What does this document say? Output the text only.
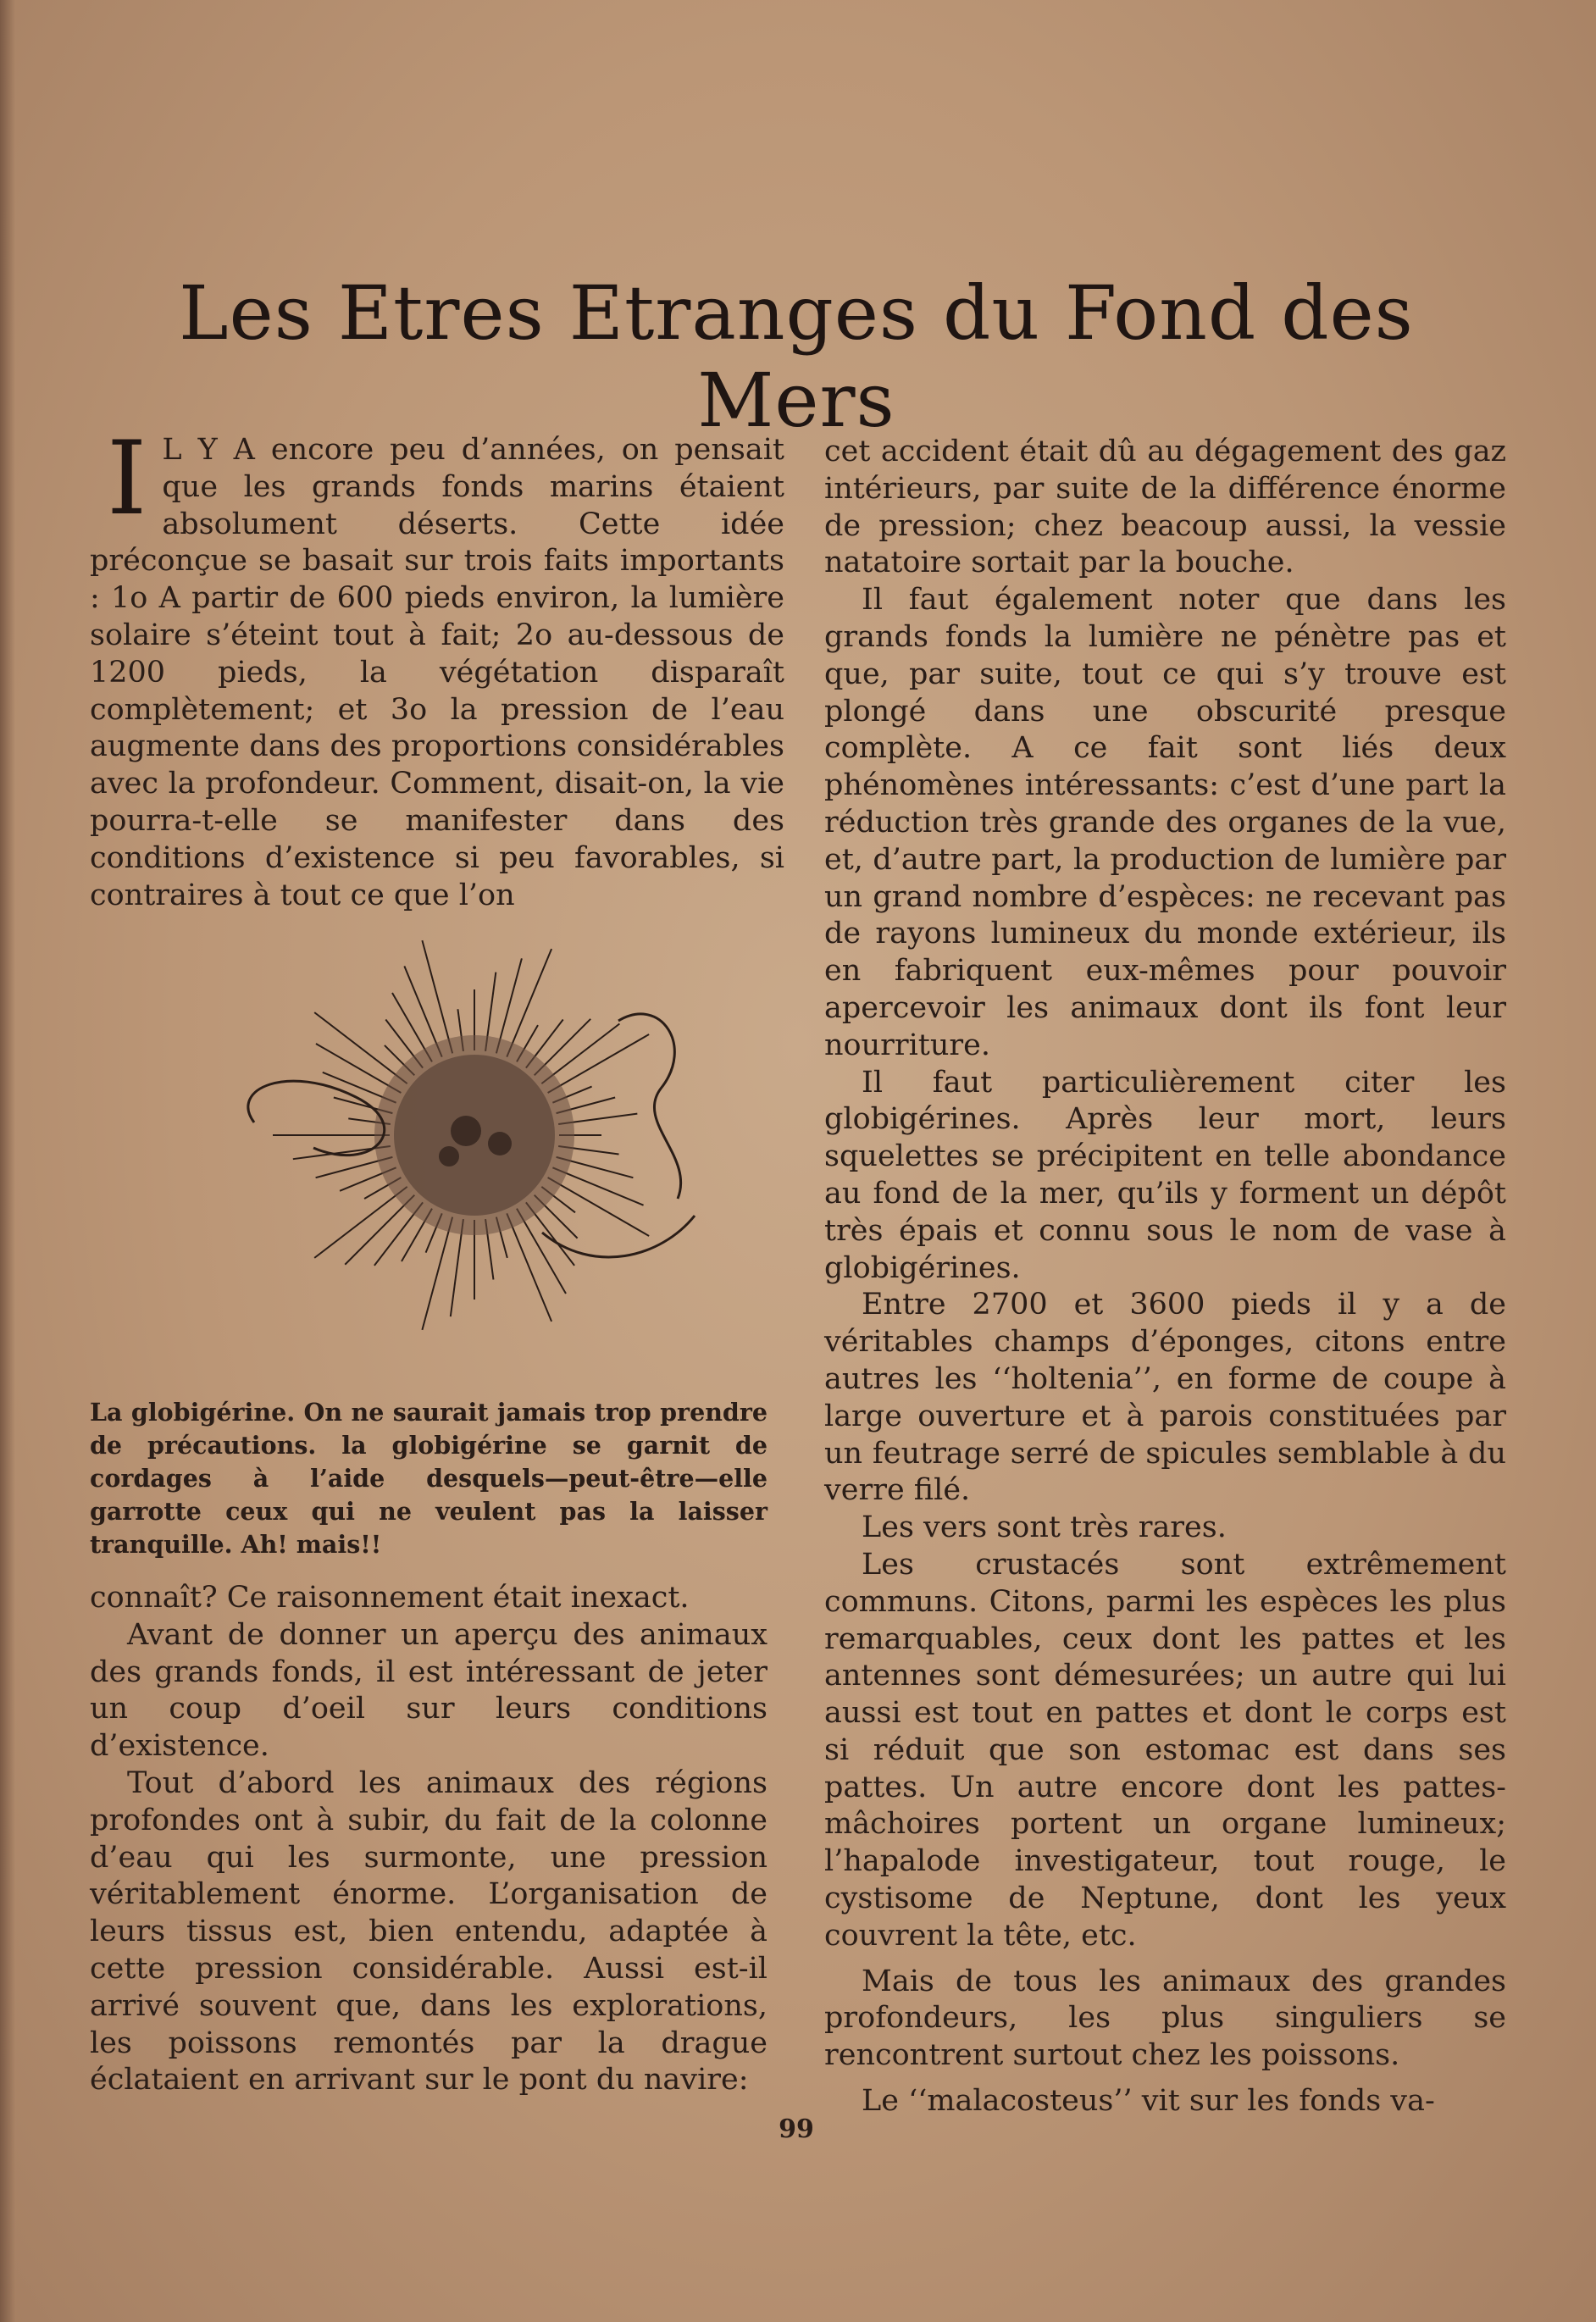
Les Etres Etranges du Fond des Mers

I L Y A encore peu d’années, on pensait que les grands fonds marins étaient absolument déserts. Cette idée préconçue se basait sur trois faits importants : 1o A partir de 600 pieds environ, la lumière solaire s’éteint tout à fait; 2o au-dessous de 1200 pieds, la végétation disparaît complètement; et 3o la pression de l’eau augmente dans des proportions considérables avec la profondeur. Comment, disait-on, la vie pourra-t-elle se manifester dans des conditions d’existence si peu favorables, si contraires à tout ce que l’on

La globigérine. On ne saurait jamais trop prendre de précautions. la globigérine se garnit de cordages à l’aide desquels—peut-être—elle garrotte ceux qui ne veulent pas la laisser tranquille. Ah! mais!!

connaît? Ce raisonnement était inexact.

Avant de donner un aperçu des animaux des grands fonds, il est intéressant de jeter un coup d’oeil sur leurs conditions d’existence.

Tout d’abord les animaux des régions profondes ont à subir, du fait de la colonne d’eau qui les surmonte, une pression véritablement énorme. L’organisation de leurs tissus est, bien entendu, adaptée à cette pression considérable. Aussi est-il arrivé souvent que, dans les explorations, les poissons remontés par la drague éclataient en arrivant sur le pont du navire:

cet accident était dû au dégagement des gaz intérieurs, par suite de la différence énorme de pression; chez beacoup aussi, la vessie natatoire sortait par la bouche.

Il faut également noter que dans les grands fonds la lumière ne pénètre pas et que, par suite, tout ce qui s’y trouve est plongé dans une obscurité presque complète. A ce fait sont liés deux phénomènes intéressants: c’est d’une part la réduction très grande des organes de la vue, et, d’autre part, la production de lumière par un grand nombre d’espèces: ne recevant pas de rayons lumineux du monde extérieur, ils en fabriquent eux-mêmes pour pouvoir apercevoir les animaux dont ils font leur nourriture.

Il faut particulièrement citer les globigérines. Après leur mort, leurs squelettes se précipitent en telle abondance au fond de la mer, qu’ils y forment un dépôt très épais et connu sous le nom de vase à globigérines.

Entre 2700 et 3600 pieds il y a de véritables champs d’éponges, citons entre autres les ‘‘holtenia’’, en forme de coupe à large ouverture et à parois constituées par un feutrage serré de spicules semblable à du verre filé.

Les vers sont très rares.

Les crustacés sont extrêmement communs. Citons, parmi les espèces les plus remarquables, ceux dont les pattes et les antennes sont démesurées; un autre qui lui aussi est tout en pattes et dont le corps est si réduit que son estomac est dans ses pattes. Un autre encore dont les pattes-mâchoires portent un organe lumineux; l’hapalode investigateur, tout rouge, le cystisome de Neptune, dont les yeux couvrent la tête, etc.

Mais de tous les animaux des grandes profondeurs, les plus singuliers se rencontrent surtout chez les poissons.

Le ‘‘malacosteus’’ vit sur les fonds va-

99
